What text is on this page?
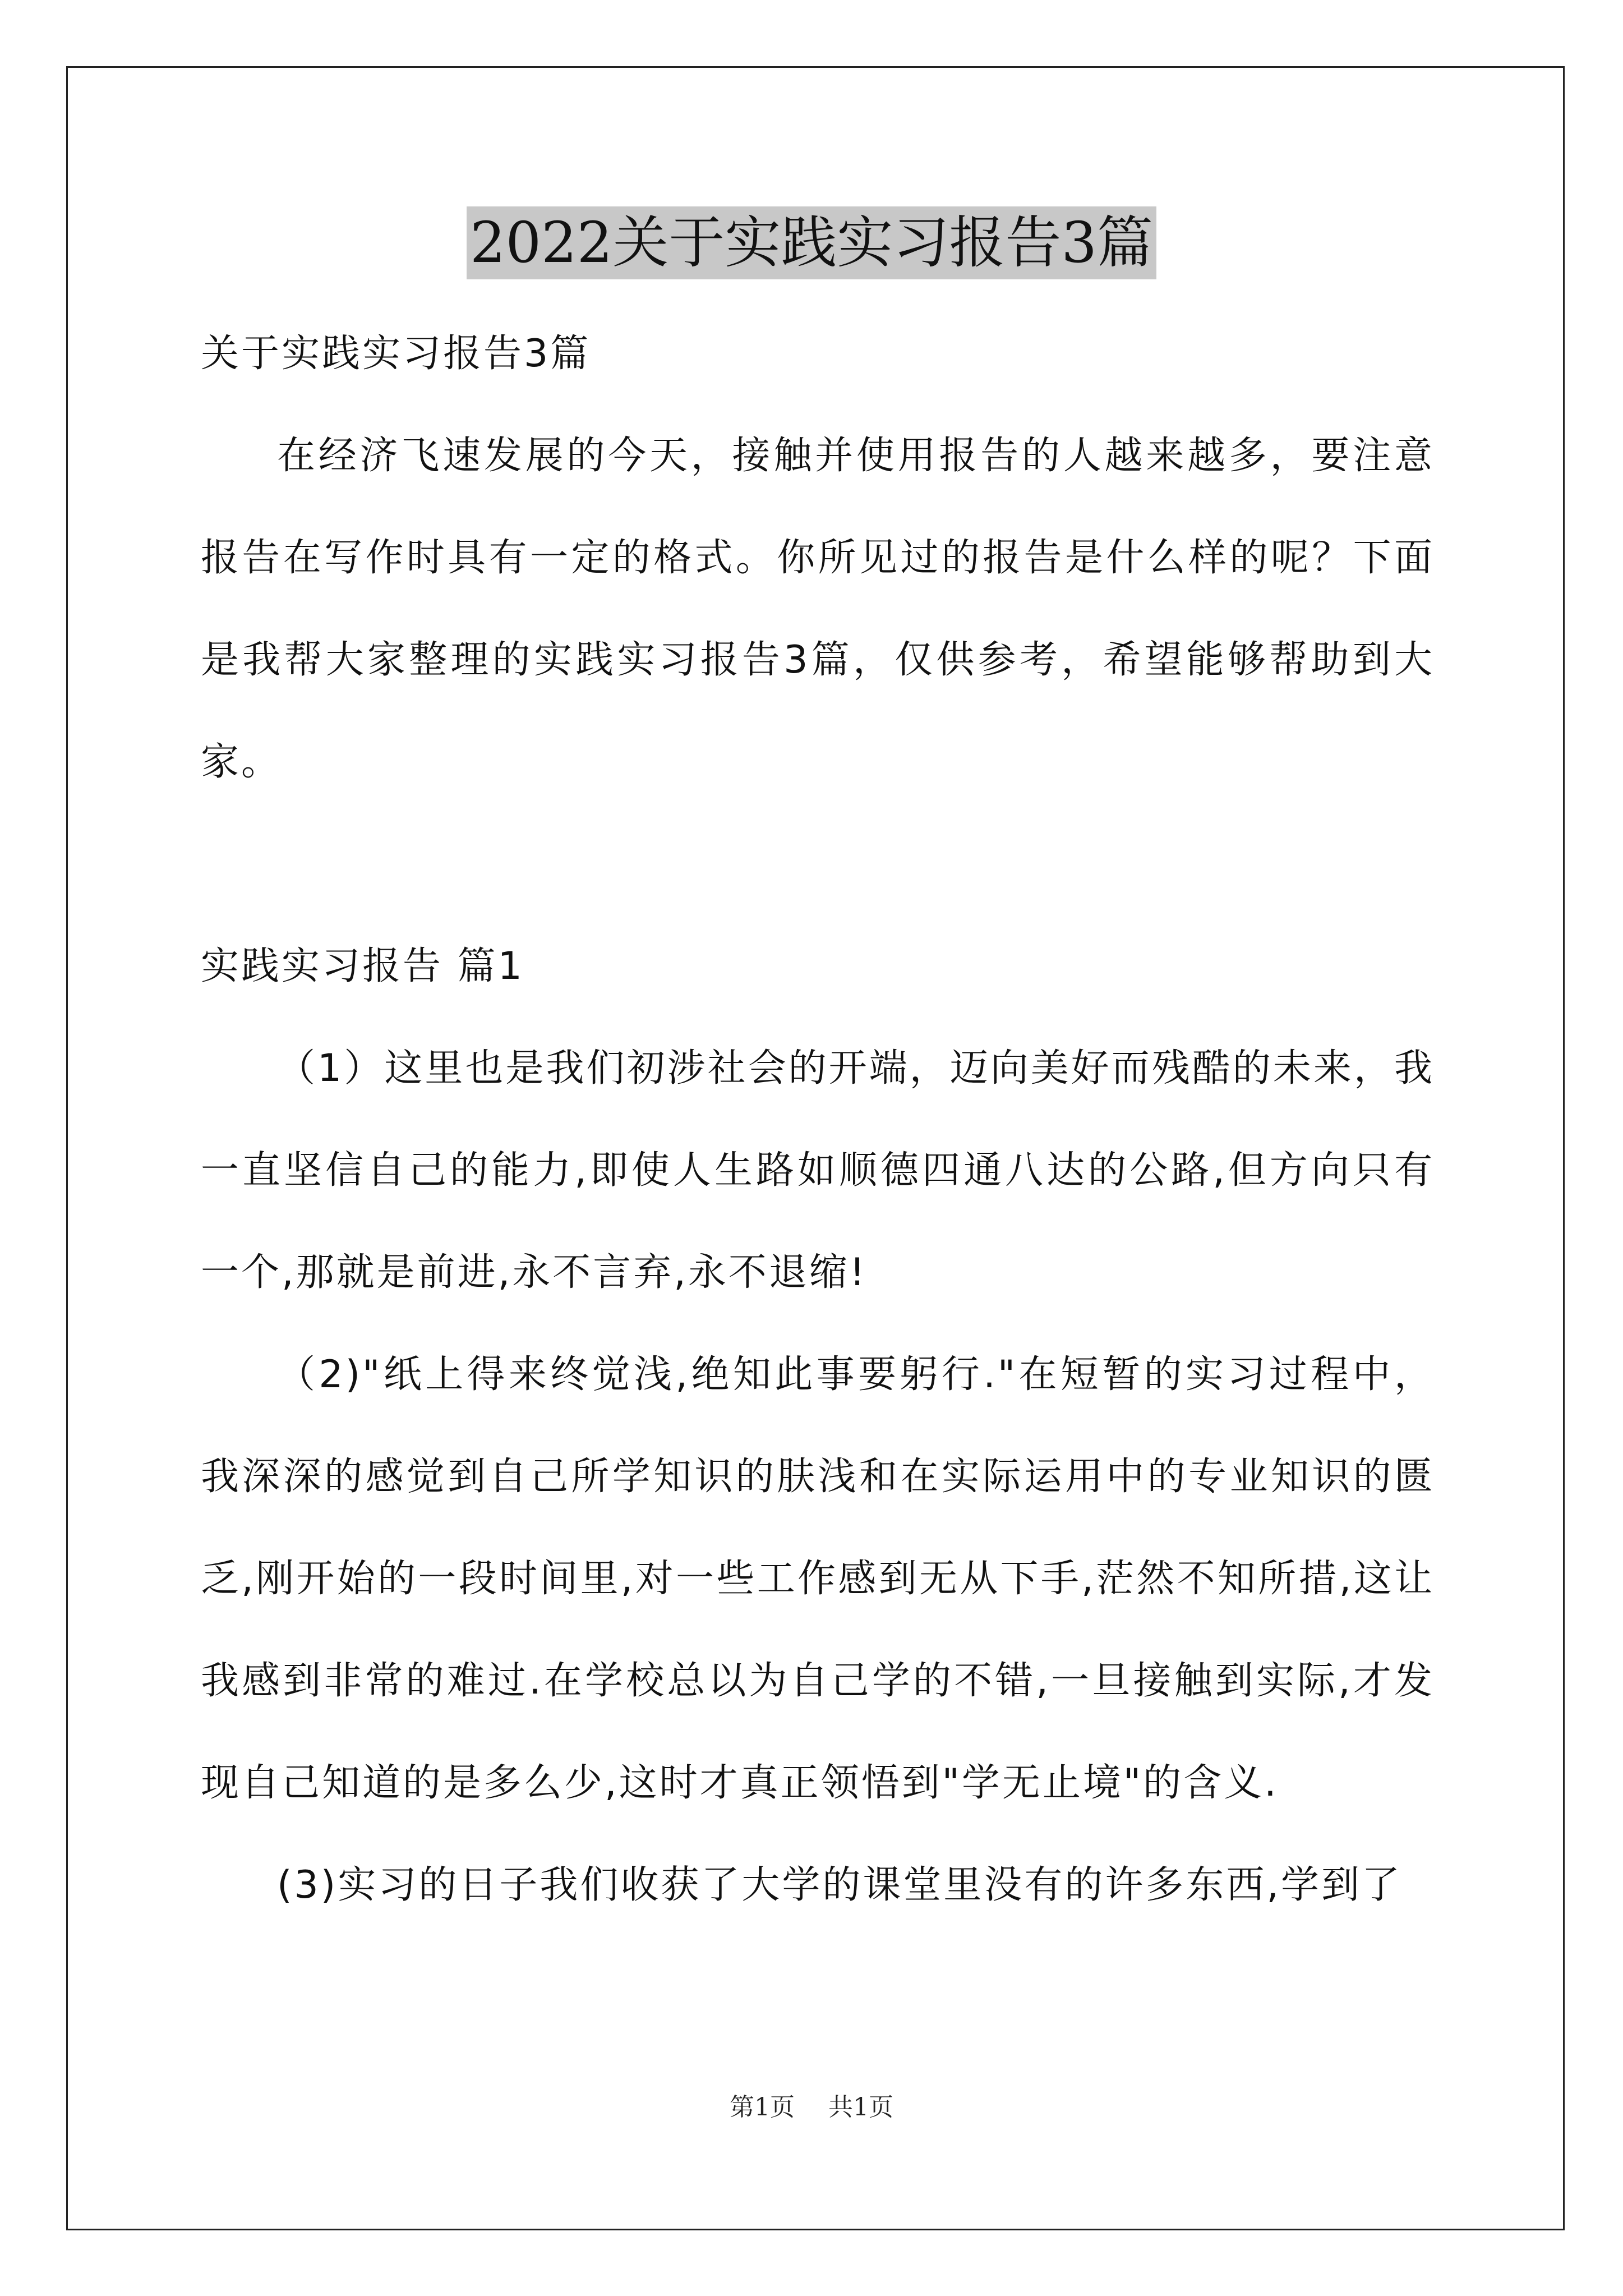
2022关于实践实习报告3篇

关于实践实习报告3篇

在经济飞速发展的今天，接触并使用报告的人越来越多，要注意报告在写作时具有一定的格式。你所见过的报告是什么样的呢？下面是我帮大家整理的实践实习报告3篇，仅供参考，希望能够帮助到大家。

实践实习报告 篇1

（1）这里也是我们初涉社会的开端，迈向美好而残酷的未来，我一直坚信自己的能力,即使人生路如顺德四通八达的公路,但方向只有一个,那就是前进,永不言弃,永不退缩!

（2)"纸上得来终觉浅,绝知此事要躬行."在短暂的实习过程中，我深深的感觉到自己所学知识的肤浅和在实际运用中的专业知识的匮乏,刚开始的一段时间里,对一些工作感到无从下手,茫然不知所措,这让我感到非常的难过.在学校总以为自己学的不错,一旦接触到实际,才发现自己知道的是多么少,这时才真正领悟到"学无止境"的含义.

(3)实习的日子我们收获了大学的课堂里没有的许多东西,学到了

第1页 共1页
